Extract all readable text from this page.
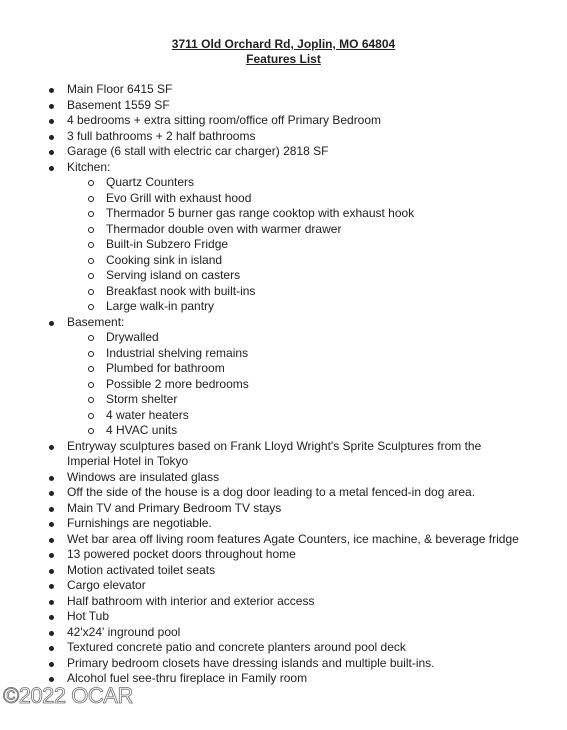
3711 Old Orchard Rd, Joplin, MO 64804
Features List
Main Floor 6415 SF
Basement 1559 SF
4 bedrooms + extra sitting room/office off Primary Bedroom
3 full bathrooms + 2 half bathrooms
Garage (6 stall with electric car charger) 2818 SF
Kitchen:
Quartz Counters
Evo Grill with exhaust hood
Thermador 5 burner gas range cooktop with exhaust hook
Thermador double oven with warmer drawer
Built-in Subzero Fridge
Cooking sink in island
Serving island on casters
Breakfast nook with built-ins
Large walk-in pantry
Basement:
Drywalled
Industrial shelving remains
Plumbed for bathroom
Possible 2 more bedrooms
Storm shelter
4 water heaters
4 HVAC units
Entryway sculptures based on Frank Lloyd Wright's Sprite Sculptures from the Imperial Hotel in Tokyo
Windows are insulated glass
Off the side of the house is a dog door leading to a metal fenced-in dog area.
Main TV and Primary Bedroom TV stays
Furnishings are negotiable.
Wet bar area off living room features Agate Counters, ice machine, & beverage fridge
13 powered pocket doors throughout home
Motion activated toilet seats
Cargo elevator
Half bathroom with interior and exterior access
Hot Tub
42'x24' inground pool
Textured concrete patio and concrete planters around pool deck
Primary bedroom closets have dressing islands and multiple built-ins.
Alcohol fuel see-thru fireplace in Family room
©2022 OCAR
